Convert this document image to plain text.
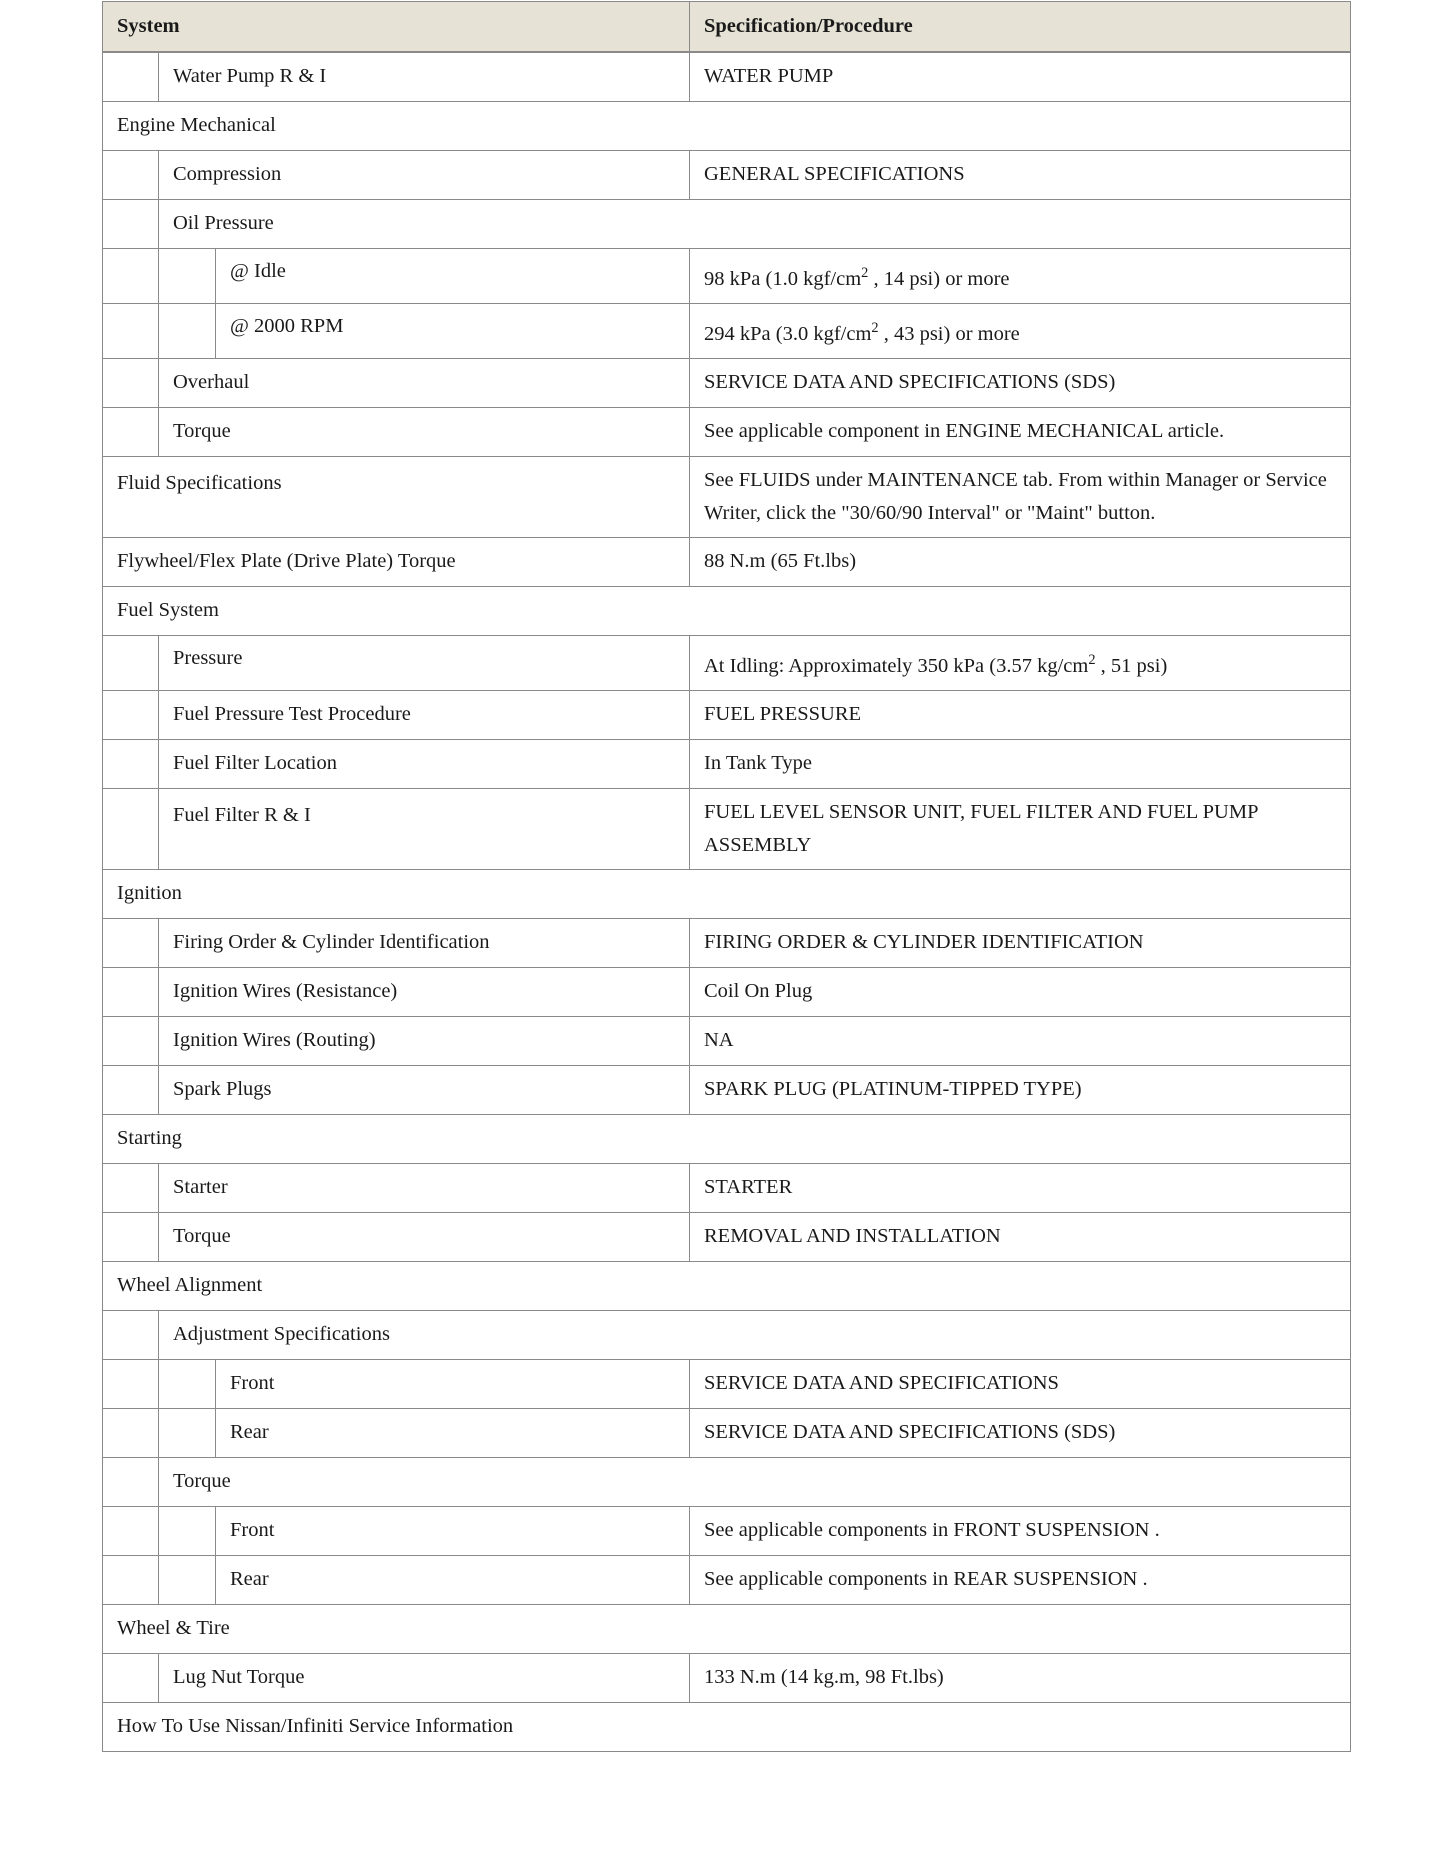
System			Specification/Procedure
	Water Pump R & I		WATER PUMP
Engine Mechanical			
	Compression		GENERAL SPECIFICATIONS
	Oil Pressure		
		@ Idle	98 kPa (1.0 kgf/$cm^2$ , 14 psi) or more
		@ 2000 RPM	294 kPa (3.0 kgf/$cm^2$ , 43 psi) or more
	Overhaul		SERVICE DATA AND SPECIFICATIONS (SDS)
	Torque		See applicable component in ENGINE MECHANICAL article.
Fluid Specifications			See FLUIDS under MAINTENANCE tab. From within Manager or Service Writer, click the "30/60/90 Interval" or "Maint" button.
Flywheel/Flex Plate (Drive Plate) Torque			88 N.m (65 Ft.lbs)
Fuel System			
	Pressure		At Idling: Approximately 350 kPa (3.57 $kg/cm^2$ , 51 psi)
	Fuel Pressure Test Procedure		FUEL PRESSURE
	Fuel Filter Location		In Tank Type
	Fuel Filter R & I		FUEL LEVEL SENSOR UNIT, FUEL FILTER AND FUEL PUMP ASSEMBLY
Ignition			
	Firing Order & Cylinder Identification		FIRING ORDER & CYLINDER IDENTIFICATION
	Ignition Wires (Resistance)		Coil On Plug
	Ignition Wires (Routing)		NA
	Spark Plugs		SPARK PLUG (PLATINUM-TIPPED TYPE)
Starting			
	Starter		STARTER
	Torque		REMOVAL AND INSTALLATION
Wheel Alignment			
	Adjustment Specifications		
		Front	SERVICE DATA AND SPECIFICATIONS
		Rear	SERVICE DATA AND SPECIFICATIONS (SDS)
	Torque		
		Front	See applicable components in FRONT SUSPENSION .
		Rear	See applicable components in REAR SUSPENSION .
Wheel & Tire			
	Lug Nut Torque		133 N.m (14 kg.m, 98 Ft.lbs)
How To Use Nissan/Infiniti Service Information			
